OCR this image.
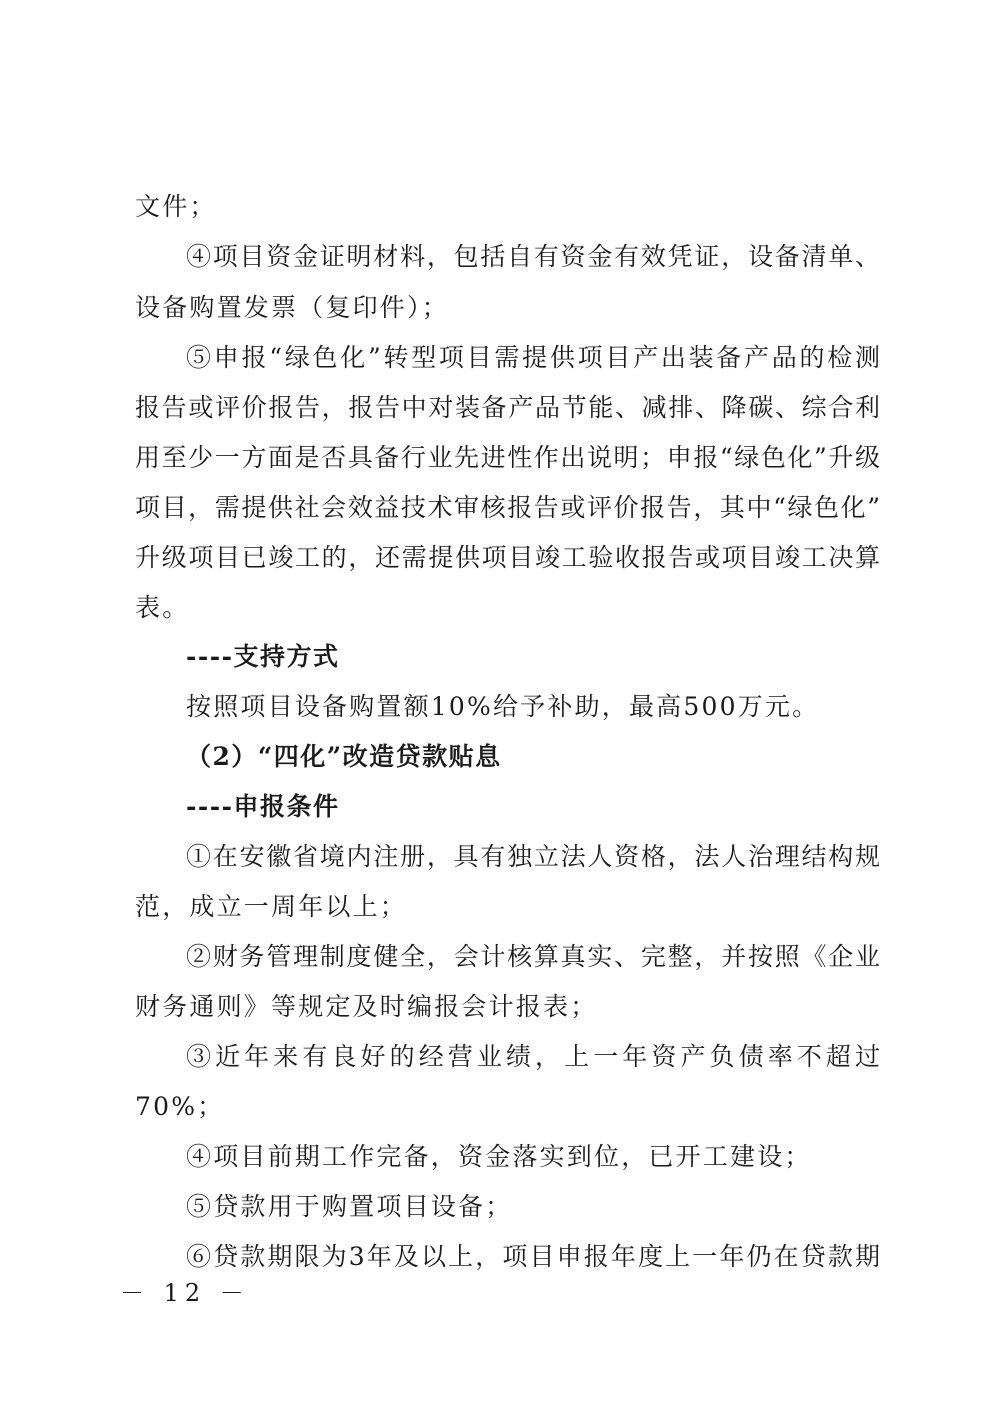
文件；
④项目资金证明材料，包括自有资金有效凭证，设备清单、
设备购置发票（复印件）；
⑤申报“绿色化”转型项目需提供项目产出装备产品的检测
报告或评价报告，报告中对装备产品节能、减排、降碳、综合利
用至少一方面是否具备行业先进性作出说明；申报“绿色化”升级
项目，需提供社会效益技术审核报告或评价报告，其中“绿色化”
升级项目已竣工的，还需提供项目竣工验收报告或项目竣工决算
表。
----支持方式
按照项目设备购置额10%给予补助，最高500万元。
（2）“四化”改造贷款贴息
----申报条件
①在安徽省境内注册，具有独立法人资格，法人治理结构规
范，成立一周年以上；
②财务管理制度健全，会计核算真实、完整，并按照《企业
财务通则》等规定及时编报会计报表；
③近年来有良好的经营业绩，上一年资产负债率不超过
70%；
④项目前期工作完备，资金落实到位，已开工建设；
⑤贷款用于购置项目设备；
⑥贷款期限为3年及以上，项目申报年度上一年仍在贷款期
－ 12 －
